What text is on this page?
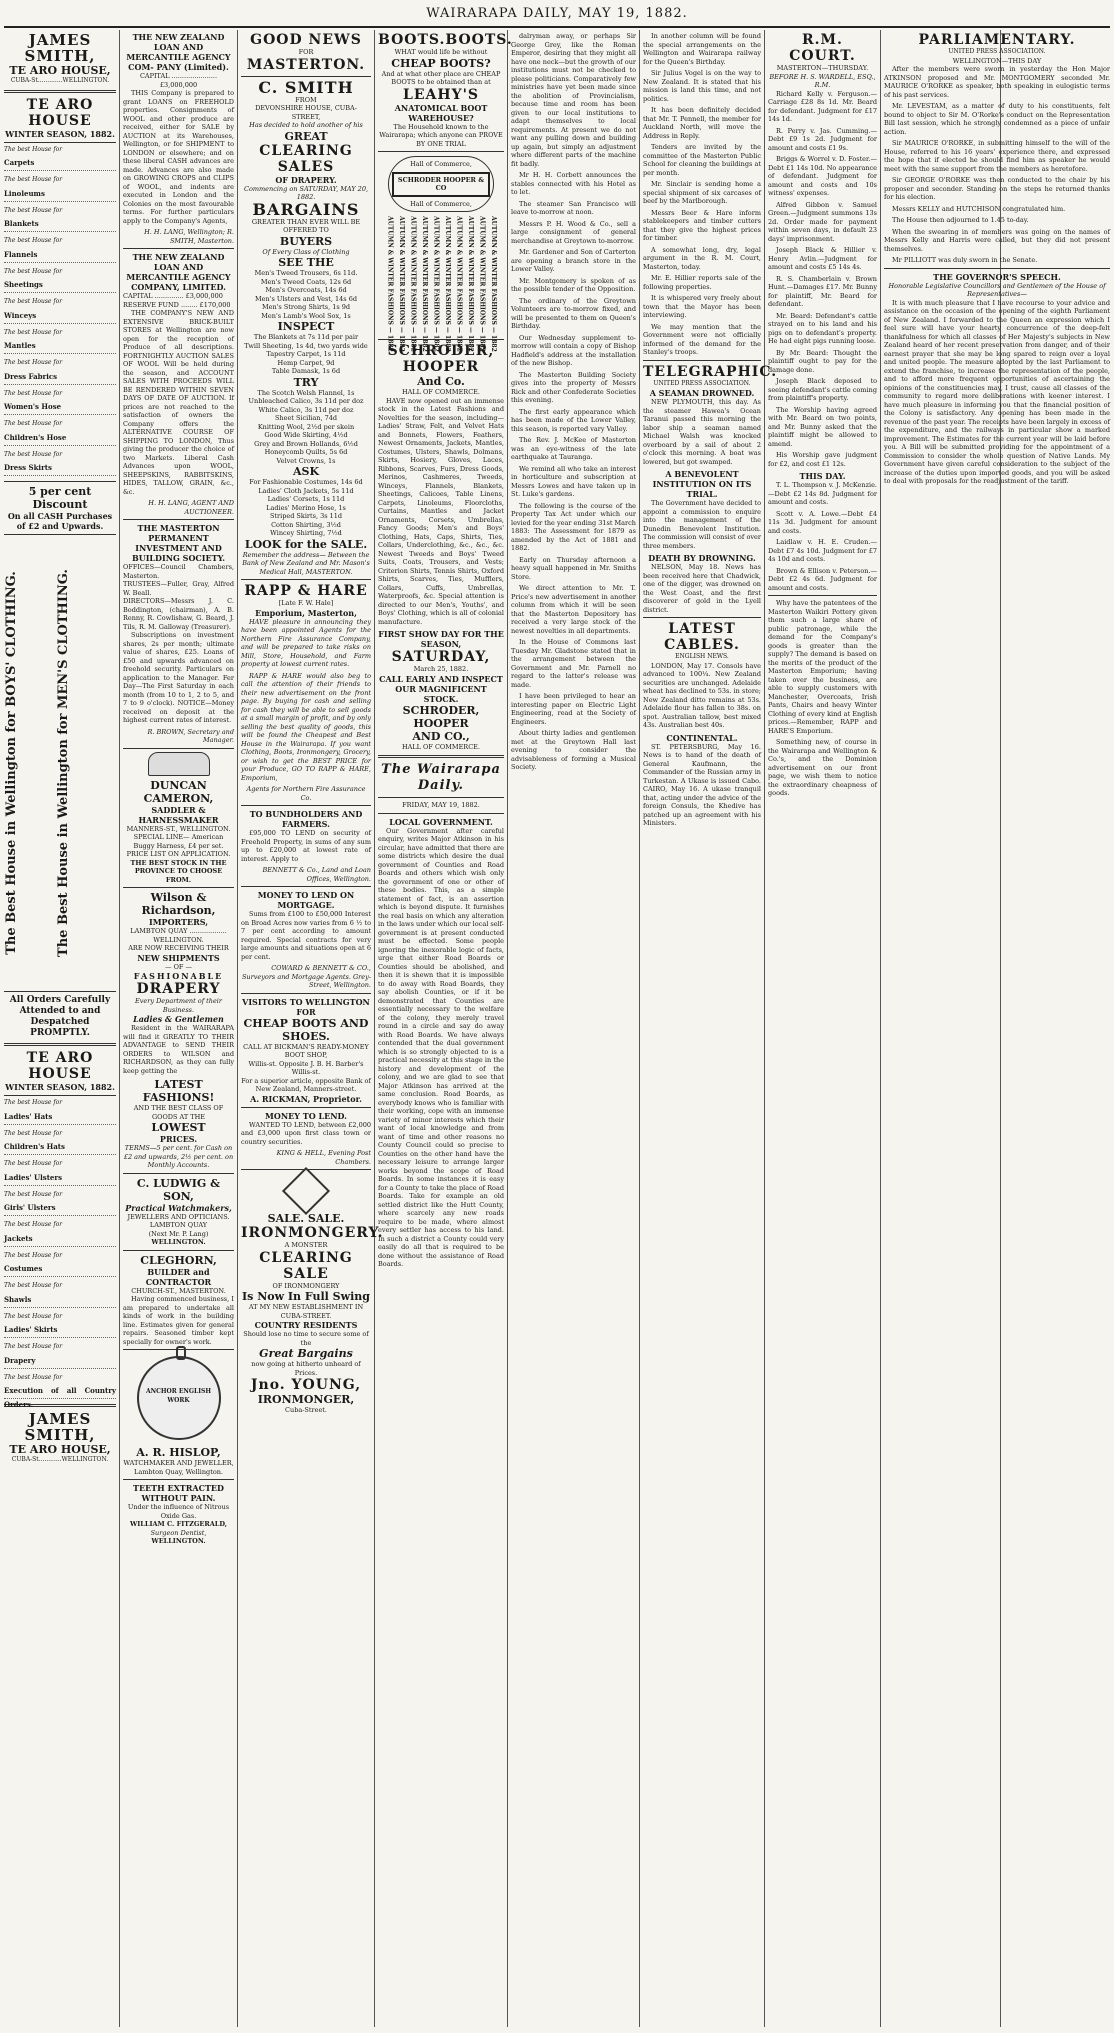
WAIRARAPA DAILY, MAY 19, 1882.
JAMES SMITH,
TE ARO HOUSE,
CUBA-St.............WELLINGTON.
TE ARO HOUSE
WINTER SEASON, 1882.
The best House for
Carpets
The best House for
Linoleums
The best House for
Blankets
The best House for
Flannels
The best House for
Sheetings
The best House for
Winceys
The best House for
Mantles
The best House for
Dress Fabrics
The best House for
Women's Hose
The best House for
Children's Hose
The best House for
Dress Skirts
5 per cent Discount
On all CASH Purchases of £2 and Upwards.
The Best House in Wellington for BOYS' CLOTHING.	The Best House in Wellington for MEN'S CLOTHING.
All Orders Carefully Attended to and Despatched PROMPTLY.
TE ARO HOUSE
WINTER SEASON, 1882.
The best House for
Ladies' Hats
The best House for
Children's Hats
The best House for
Ladies' Ulsters
The best House for
Girls' Ulsters
The best House for
Jackets
The best House for
Costumes
The best House for
Shawls
The best House for
Ladies' Skirts
The best House for
Drapery
The best House for
Execution of all Country Orders.
JAMES SMITH,
TE ARO HOUSE,
CUBA-St............WELLINGTON.
THE NEW ZEALAND LOAN AND MERCANTILE AGENCY COM- PANY (Limited).
CAPITAL ......................£3,000,000

THIS Company is prepared to grant LOANS on FREEHOLD properties. Consignments of WOOL and other produce are received, either for SALE by AUCTION at its Warehouses, Wellington, or for SHIPMENT to LONDON or elsewhere; and on these liberal CASH advances are made. Advances are also made on GROWING CROPS and CLIPS of WOOL, and indents are executed in London and the Colonies on the most favourable terms. For further particulars apply to the Company's Agents,

H. H. LANG, Wellington; R. SMITH, Masterton.
THE NEW ZEALAND LOAN AND MERCANTILE AGENCY COMPANY, LIMITED.
CAPITAL .............. £3,000,000
RESERVE FUND ........ £170,000

THE COMPANY'S NEW AND EXTENSIVE BRICK-BUILT STORES at Wellington are now open for the reception of Produce of all descriptions. FORTNIGHTLY AUCTION SALES OF WOOL Will be held during the season, and ACCOUNT SALES WITH PROCEEDS WILL BE RENDERED WITHIN SEVEN DAYS OF DATE OF AUCTION. If prices are not reached to the satisfaction of owners the Company offers the ALTERNATIVE COURSE OF SHIPPING TO LONDON, Thus giving the producer the choice of two Markets. Liberal Cash Advances upon WOOL, SHEEPSKINS, RABBITSKINS, HIDES, TALLOW, GRAIN, &c., &c.

H. H. LANG, AGENT AND AUCTIONEER.
THE MASTERTON PERMANENT INVESTMENT AND BUILDING SOCIETY.
OFFICES—Council Chambers, Masterton.
TRUSTEES—Fuller, Gray, Alfred W. Beall.
DIRECTORS—Messrs J. C. Boddington, (chairman), A. B. Renny, R. Cowlishaw, G. Beard, J. Tils, R. M. Galloway (Treasurer).

Subscriptions on investment shares, 2s per month; ultimate value of shares, £25. Loans of £50 and upwards advanced on freehold security. Particulars on application to the Manager. Fer Day—The First Saturday in each month (from 10 to 1, 2 to 5, and 7 to 9 o'clock). NOTICE—Money received on deposit at the highest current rates of interest.

R. BROWN, Secretary and Manager.
DUNCAN CAMERON,
SADDLER & HARNESSMAKER
MANNERS-ST., WELLINGTON.
SPECIAL LINE— American Buggy Harness, £4 per set.
PRICE LIST ON APPLICATION.
THE BEST STOCK IN THE PROVINCE TO CHOOSE FROM.
Wilson & Richardson,
IMPORTERS,
LAMBTON QUAY .................. WELLINGTON.
ARE NOW RECEIVING THEIR
NEW SHIPMENTS
— OF —
FASHIONABLE
DRAPERY
Every Department of their Business.
Ladies & Gentlemen

Resident in the WAIRARAPA will find it GREATLY TO THEIR ADVANTAGE to SEND THEIR ORDERS to WILSON and RICHARDSON, as they can fully keep getting the

LATEST FASHIONS!
AND THE BEST CLASS OF GOODS AT THE
LOWEST
PRICES.
TERMS—5 per cent. for Cash on £2 and upwards, 2½ per cent. on Monthly Accounts.
C. LUDWIG & SON,
Practical Watchmakers,
JEWELLERS AND OPTICIANS.
LAMBTON QUAY
(Next Mr. P. Lang)
WELLINGTON.
CLEGHORN,
BUILDER and CONTRACTOR
CHURCH-ST., MASTERTON.

Having commenced business, I am prepared to undertake all kinds of work in the building line. Estimates given for general repairs. Seasoned timber kept specially for owner's work.

ANCHOR ENGLISH WORK
A. R. HISLOP,
WATCHMAKER AND JEWELLER,
Lambton Quay, Wellington.
TEETH EXTRACTED WITHOUT PAIN.
Under the influence of Nitrous Oxide Gas.
WILLIAM C. FITZGERALD,
Surgeon Dentist,
WELLINGTON.
GOOD NEWS
FOR
MASTERTON.
C. SMITH
FROM
DEVONSHIRE HOUSE, CUBA-STREET,
Has decided to hold another of his
GREAT
CLEARING SALES
OF DRAPERY.
Commencing on SATURDAY, MAY 20, 1882.
BARGAINS
GREATER THAN EVER WILL BE OFFERED TO
BUYERS
Of Every Class of Clothing
SEE THE
Men's Tweed Trousers, 6s 11d.
Men's Tweed Coats, 12s 6d
Men's Overcoats, 14s 6d
Men's Ulsters and Vest, 14s 6d
Men's Strong Shirts, 1s 9d
Men's Lamb's Wool Sox, 1s
INSPECT
The Blankets at 7s 11d per pair
Twill Sheeting, 1s 4d, two yards wide
Tapestry Carpet, 1s 11d
Hemp Carpet, 9d
Table Damask, 1s 6d
TRY
The Scotch Welsh Flannel, 1s
Unbleached Calico, 3s 11d per doz
White Calico, 3s 11d per doz
Sheet Sicilian, 74d
Knitting Wool, 2½d per skein
Good Wide Skirting, 4½d
Grey and Brown Hollands, 6½d
Honeycomb Quilts, 5s 6d
Velvet Crowns, 1s
ASK
For Fashionable Costumes, 14s 6d
Ladies' Cloth Jackets, 5s 11d
Ladies' Corsets, 1s 11d
Ladies' Merino Hose, 1s
Striped Skirts, 3s 11d
Cotton Shirting, 3½d
Wincey Shirting, 7½d
LOOK for the SALE.
Remember the address— Between the Bank of New Zealand and Mr. Mason's Medical Hall, MASTERTON.
RAPP & HARE
[Late F. W. Hale]
Emporium, Masterton,

HAVE pleasure in announcing they have been appointed Agents for the Northern Fire Assurance Company, and will be prepared to take risks on Mill, Store, Household, and Farm property at lowest current rates.

RAPP & HARE would also beg to call the attention of their friends to their new advertisement on the front page. By buying for cash and selling for cash they will be able to sell goods at a small margin of profit, and by only selling the best quality of goods, this will be found the Cheapest and Best House in the Wairarapa. If you want Clothing, Boots, Ironmongery, Grocery, or wish to get the BEST PRICE for your Produce, GO TO RAPP & HARE, Emporium,

Agents for Northern Fire Assurance Co.
TO BUNDHOLDERS AND FARMERS.

£95,000 TO LEND on security of Freehold Property, in sums of any sum up to £20,000 at lowest rate of interest. Apply to

BENNETT & Co., Land and Loan Offices, Wellington.
MONEY TO LEND ON MORTGAGE.

Sums from £100 to £50,000 Interest on Broad Acres now varies from 6 ½ to 7 per cent according to amount required. Special contracts for very large amounts and situations open at 6 per cent.

COWARD & BENNETT & CO., Surveyors and Mortgage Agents. Grey-Street, Wellington.
VISITORS TO WELLINGTON FOR
CHEAP BOOTS AND SHOES.
CALL AT BICKMAN'S READY-MONEY BOOT SHOP,
Willis-st. Opposite J. B. H. Barber's Willis-st.
For a superior article, opposite Bank of New Zealand, Manners-street.
A. RICKMAN, Proprietor.
MONEY TO LEND.

WANTED TO LEND, between £2,000 and £3,000 upon first class town or country securities.

KING & HELL, Evening Post Chambers.
SALE. SALE.
IRONMONGERY.
A MONSTER
CLEARING SALE
OF IRONMONGERY
Is Now In Full Swing
AT MY NEW ESTABLISHMENT IN CUBA-STREET.
COUNTRY RESIDENTS
Should lose no time to secure some of the
Great Bargains
now going at hitherto unheard of Prices.
Jno. YOUNG,
IRONMONGER,
Cuba-Street.
BOOTS. BOOTS.
WHAT would life be without
CHEAP BOOTS?
And at what other place are CHEAP BOOTS to be obtained than at
LEAHY'S
ANATOMICAL BOOT WAREHOUSE?
The Household known to the Wairarapa; which anyone can PROVE BY ONE TRIAL
Hall of Commerce,
SCHRODER HOOPER & CO
Hall of Commerce,
AUTUMN & WINTER FASHIONS — 1882 AUTUMN & WINTER FASHIONS — 1882 AUTUMN & WINTER FASHIONS — 1882 AUTUMN & WINTER FASHIONS — 1882 AUTUMN & WINTER FASHIONS — 1882 AUTUMN & WINTER FASHIONS — 1882 AUTUMN & WINTER FASHIONS — 1882 AUTUMN & WINTER FASHIONS — 1882 AUTUMN & WINTER FASHIONS — 1882 AUTUMN & WINTER FASHIONS — 1882
SCHRODER,
HOOPER
And Co.
HALL OF COMMERCE.

HAVE now opened out an immense stock in the Latest Fashions and Novelties for the season, including—Ladies' Straw, Felt, and Velvet Hats and Bonnets, Flowers, Feathers, Newest Ornaments, Jackets, Mantles, Costumes, Ulsters, Shawls, Dolmans, Skirts, Hosiery, Gloves, Laces, Ribbons, Scarves, Furs, Dress Goods, Merinos, Cashmeres, Tweeds, Winceys, Flannels, Blankets, Sheetings, Calicoes, Table Linens, Carpets, Linoleums, Floorcloths, Curtains, Mantles and Jacket Ornaments, Corsets, Umbrellas, Fancy Goods; Men's and Boys' Clothing, Hats, Caps, Shirts, Ties, Collars, Underclothing, &c., &c., &c. Newest Tweeds and Boys' Tweed Suits, Coats, Trousers, and Vests; Criterion Shirts, Tennis Shirts, Oxford Shirts, Scarves, Ties, Mufflers, Collars, Cuffs, Umbrellas, Waterproofs, &c. Special attention is directed to our Men's, Youths', and Boys' Clothing, which is all of colonial manufacture.

FIRST SHOW DAY FOR THE SEASON,
SATURDAY,
March 25, 1882.
CALL EARLY AND INSPECT OUR MAGNIFICENT STOCK.
SCHRODER, HOOPER
AND CO.,
HALL OF COMMERCE.
The Wairarapa Daily.
FRIDAY, MAY 19, 1882.
LOCAL GOVERNMENT.

Our Government after careful enquiry, writes Major Atkinson in his circular, have admitted that there are some districts which desire the dual government of Counties and Road Boards and others which wish only the government of one or other of these bodies. This, as a simple statement of fact, is an assertion which is beyond dispute. It furnishes the real basis on which any alteration in the laws under which our local self-government is at present conducted must be effected. Some people ignoring the inexorable logic of facts, urge that either Road Boards or Counties should be abolished, and then it is shewn that it is impossible to do away with Road Boards, they say abolish Counties, or if it be demonstrated that Counties are essentially necessary to the welfare of the colony, they merely travel round in a circle and say do away with Road Boards. We have always contended that the dual government which is so strongly objected to is a practical necessity at this stage in the history and development of the colony, and we are glad to see that Major Atkinson has arrived at the same conclusion. Road Boards, as everybody knows who is familiar with their working, cope with an immense variety of minor interests which their want of local knowledge and from want of time and other reasons no County Council could so precise to Counties on the other hand have the necessary leisure to arrange larger works beyond the scope of Road Boards. In some instances it is easy for a County to take the place of Road Boards. Take for example an old settled district like the Hutt County, where scarcely any new roads require to be made, where almost every settler has access to his land. In such a district a County could very easily do all that is required to be done without the assistance of Road Boards.

dalryman away, or perhaps Sir George Grey, like the Roman Emperor, desiring that they might all have one neck—but the growth of our institutions must not be checked to please politicians. Comparatively few ministries have yet been made since the abolition of Provincialism, because time and room has been given to our local institutions to adapt themselves to local requirements. At present we do not want any pulling down and building up again, but simply an adjustment where different parts of the machine fit badly.

Mr H. H. Corbett announces the stables connected with his Hotel as to let.

The steamer San Francisco will leave to-morrow at noon.

Messrs P. H. Wood & Co., sell a large consignment of general merchandise at Greytown to-morrow.

Mr. Gardener and Son of Carterton are opening a branch store in the Lower Valley.

Mr. Montgomery is spoken of as the possible tender of the Opposition.

The ordinary of the Greytown Volunteers are to-morrow fixed, and will be presented to them on Queen's Birthday.

Our Wednesday supplement to-morrow will contain a copy of Bishop Hadfield's address at the installation of the new Bishop.

The Masterton Building Society gives into the property of Messrs Rick and other Confederate Societies this evening.

The first early appearance which has been made of the Lower Valley, this season, is reported vary Valley.

The Rev. J. McKee of Masterton was an eye-witness of the late earthquake at Tauranga.

We remind all who take an interest in horticulture and subscription at Messrs Lowes and have taken up in St. Luke's gardens.

The following is the course of the Property Tax Act under which our levied for the year ending 31st March 1883: The Assessment for 1879 as amended by the Act of 1881 and 1882.

Early on Thursday afternoon a heavy squall happened in Mr. Smiths Store.

We direct attention to Mr. T. Price's new advertisement in another column from which it will be seen that the Masterton Depository has received a very large stock of the newest novelties in all departments.

In the House of Commons last Tuesday Mr. Gladstone stated that in the arrangement between the Government and Mr. Parnell no regard to the latter's release was made.

I have been privileged to hear an interesting paper on Electric Light Engineering, read at the Society of Engineers.

About thirty ladies and gentlemen met at the Greytown Hall last evening to consider the advisableness of forming a Musical Society.

In another column will be found the special arrangements on the Wellington and Wairarapa railway for the Queen's Birthday.

Sir Julius Vogel is on the way to New Zealand. It is stated that his mission is land this time, and not politics.

It has been definitely decided that Mr. T. Pennell, the member for Auckland North, will move the Address in Reply.

Tenders are invited by the committee of the Masterton Public School for cleaning the buildings at per month.

Mr. Sinclair is sending home a special shipment of six carcases of beef by the Marlborough.

Messrs Beer & Hare inform stablekeepers and timber cutters that they give the highest prices for timber.

A somewhat long, dry, legal argument in the R. M. Court, Masterton, today.

Mr. E. Hillier reports sale of the following properties.

It is whispered very freely about town that the Mayor has been interviewing.

We may mention that the Government were not officially informed of the demand for the Stanley's troops.

TELEGRAPHIC.
UNITED PRESS ASSOCIATION.
A SEAMAN DROWNED.

NEW PLYMOUTH, this day. As the steamer Hawea's Ocean Taranui passed this morning the labor ship a seaman named Michael Walsh was knocked overboard by a sail of about 2 o'clock this morning. A boat was lowered, but got swamped.

A BENEVOLENT INSTITUTION ON ITS TRIAL.

The Government have decided to appoint a commission to enquire into the management of the Dunedin Benevolent Institution. The commission will consist of over three members.

DEATH BY DROWNING.

NELSON, May 18. News has been received here that Chadwick, one of the digger, was drowned on the West Coast, and the first discoverer of gold in the Lyell district.

LATEST CABLES.
ENGLISH NEWS.

LONDON, May 17. Consols have advanced to 100¼. New Zealand securities are unchanged. Adelaide wheat has declined to 53s. in store; New Zealand ditto remains at 53s. Adelaide flour has fallen to 38s. on spot. Australian tallow, best mixed 43s. Australian best 40s.

CONTINENTAL.

ST. PETERSBURG, May 16. News is to hand of the death of General Kaufmann, the Commander of the Russian army in Turkestan. A Ukase is issued Cabo. CAIRO, May 16. A ukase tranquil that, acting under the advice of the foreign Consuls, the Khedive has patched up an agreement with his Ministers.

R.M. COURT.
MASTERTON—THURSDAY.
BEFORE H. S. WARDELL, ESQ., R.M.

Richard Kelly v. Ferguson.—Carriage £28 8s 1d. Mr. Beard for defendant. Judgment for £17 14s 1d.

R. Perry v. Jas. Cumming.—Debt £9 1s 2d. Judgment for amount and costs £1 9s.

Briggs & Worrel v. D. Foster.—Debt £1 14s 10d. No appearance of defendant. Judgment for amount and costs and 10s witness' expenses.

Alfred Gibbon v. Samuel Green.—Judgment summons 13s 2d. Order made for payment within seven days, in default 23 days' imprisonment.

Joseph Black & Hillier v. Henry Avlin.—Judgment for amount and costs £5 14s 4s.

R. S. Chamberlain v. Brown Hunt.—Damages £17. Mr. Bunny for plaintiff, Mr. Beard for defendant.

Mr. Beard: Defendant's cattle strayed on to his land and his pigs on to defendant's property. He had eight pigs running loose.

By Mr. Beard: Thought the plaintiff ought to pay for the damage done.

Joseph Black deposed to seeing defendant's cattle coming from plaintiff's property.

The Worship having agreed with Mr. Beard on two points, and Mr. Bunny asked that the plaintiff might be allowed to amend.

His Worship gave judgment for £2, and cost £1 12s.

THIS DAY.

T. L. Thompson v. J. McKenzie.—Debt £2 14s 8d. Judgment for amount and costs.

Scott v. A. Lowe.—Debt £4 11s 3d. Judgment for amount and costs.

Laidlaw v. H. E. Cruden.—Debt £7 4s 10d. Judgment for £7 4s 10d and costs.

Brown & Ellison v. Peterson.—Debt £2 4s 6d. Judgment for amount and costs.

Why have the patentees of the Masterton Waikiri Pottery given them such a large share of public patronage, while the demand for the Company's goods is greater than the supply? The demand is based on the merits of the product of the Masterton Emporium; having taken over the business, are able to supply customers with Manchester, Overcoats, Irish Pants, Chairs and heavy Winter Clothing of every kind at English prices.—Remember, RAPP and HARE'S Emporium.

Something new, of course in the Wairarapa and Wellington & Co.'s, and the Dominion advertisement on our front page, we wish them to notice the extraordinary cheapness of goods.

PARLIAMENTARY.
UNITED PRESS ASSOCIATION.
WELLINGTON—THIS DAY

After the members were sworn in yesterday the Hon Major ATKINSON proposed and Mr. MONTGOMERY seconded Mr. MAURICE O'RORKE as speaker, both speaking in eulogistic terms of his past services.

Mr. LEVESTAM, as a matter of duty to his constituents, felt bound to object to Sir M. O'Rorke's conduct on the Representation Bill last session, which he strongly condemned as a piece of unfair action.

Sir MAURICE O'RORKE, in submitting himself to the will of the House, referred to his 16 years' experience there, and expressed the hope that if elected he should find him as speaker he would meet with the same support from the members as heretofore.

Sir GEORGE O'RORKE was then conducted to the chair by his proposer and seconder. Standing on the steps he returned thanks for his election.

Messrs KELLY and HUTCHISON congratulated him.

The House then adjourned to 1.45 to-day.

When the swearing in of members was going on the names of Messrs Kelly and Harris were called, but they did not present themselves.

Mr PILLIOTT was duly sworn in the Senate.

THE GOVERNOR'S SPEECH.
Honorable Legislative Councillors and Gentlemen of the House of Representatives—

It is with much pleasure that I have recourse to your advice and assistance on the occasion of the opening of the eighth Parliament of New Zealand. I forwarded to the Queen an expression which I feel sure will have your hearty concurrence of the deep-felt thankfulness for which all classes of Her Majesty's subjects in New Zealand heard of her recent preservation from danger, and of their earnest prayer that she may be long spared to reign over a loyal and united people. The measure adopted by the last Parliament to extend the franchise, to increase the representation of the people, and to afford more frequent opportunities of ascertaining the opinions of the constituencies may, I trust, cause all classes of the community to regard more deliberations with keener interest. I have much pleasure in informing you that the financial position of the Colony is satisfactory. Any opening has been made in the revenue of the past year. The receipts have been largely in excess of the expenditure, and the railways in particular show a marked improvement. The Estimates for the current year will be laid before you. A Bill will be submitted providing for the appointment of a Commission to consider the whole question of Native Lands. My Government have given careful consideration to the subject of the increase of the duties upon imported goods, and you will be asked to deal with proposals for the readjustment of the tariff.
